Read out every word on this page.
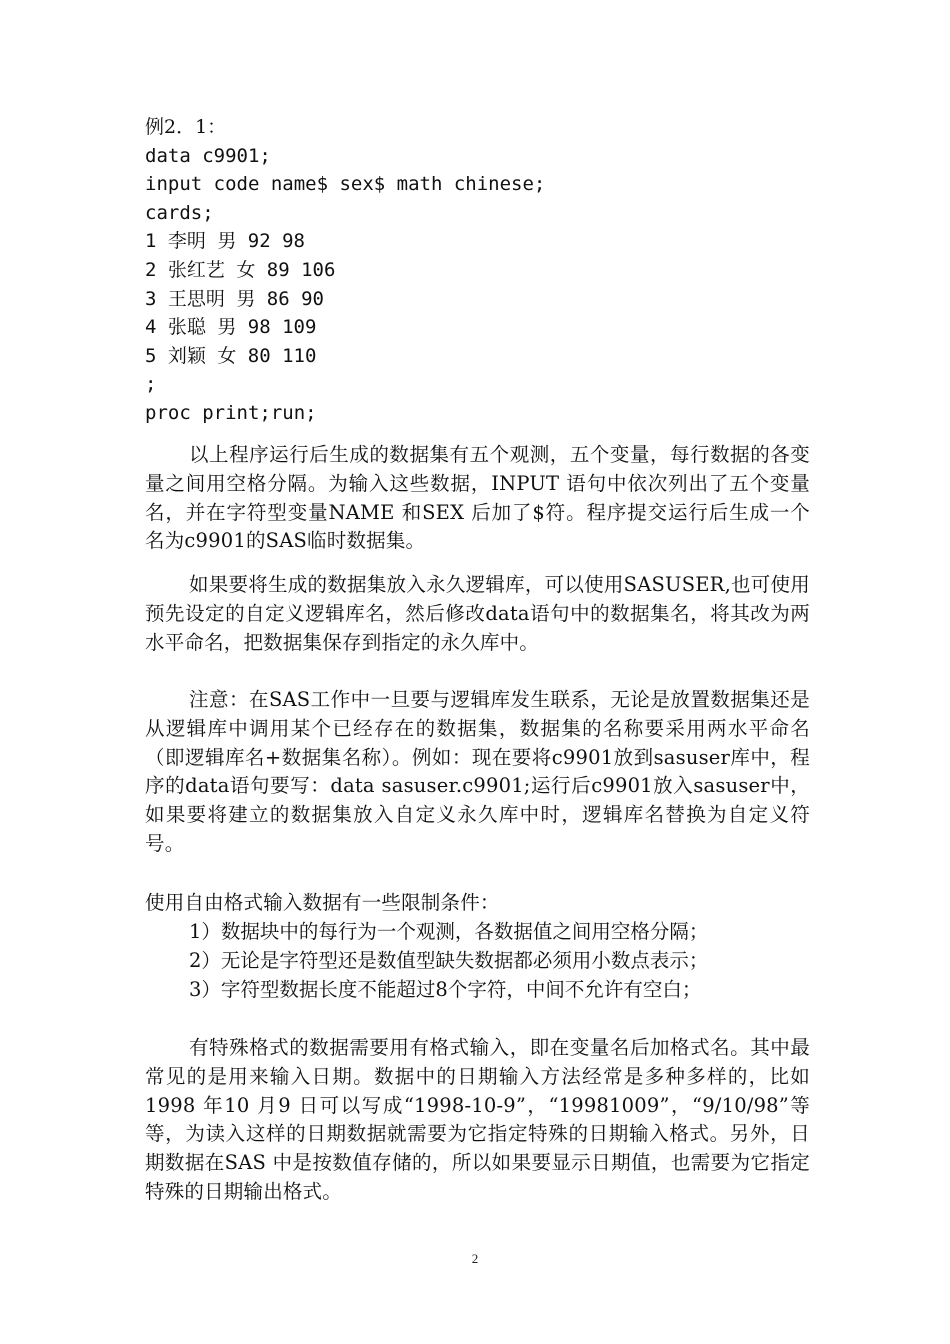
例2．1：
data c9901;
input code name$ sex$ math chinese;
cards;
1 李明 男 92 98
2 张红艺 女 89 106
3 王思明 男 86 90
4 张聪 男 98 109
5 刘颖 女 80 110
;
proc print;run;

以上程序运行后生成的数据集有五个观测，五个变量，每行数据的各变量之间用空格分隔。为输入这些数据，INPUT 语句中依次列出了五个变量名，并在字符型变量NAME 和SEX 后加了$符。程序提交运行后生成一个名为c9901的SAS临时数据集。

如果要将生成的数据集放入永久逻辑库，可以使用SASUSER,也可使用预先设定的自定义逻辑库名，然后修改data语句中的数据集名，将其改为两水平命名，把数据集保存到指定的永久库中。

注意：在SAS工作中一旦要与逻辑库发生联系，无论是放置数据集还是从逻辑库中调用某个已经存在的数据集，数据集的名称要采用两水平命名（即逻辑库名+数据集名称）。例如：现在要将c9901放到sasuser库中，程序的data语句要写：data sasuser.c9901;运行后c9901放入sasuser中，如果要将建立的数据集放入自定义永久库中时，逻辑库名替换为自定义符号。

使用自由格式输入数据有一些限制条件：

1）数据块中的每行为一个观测，各数据值之间用空格分隔；
2）无论是字符型还是数值型缺失数据都必须用小数点表示；
3）字符型数据长度不能超过8个字符，中间不允许有空白；

有特殊格式的数据需要用有格式输入，即在变量名后加格式名。其中最常见的是用来输入日期。数据中的日期输入方法经常是多种多样的，比如1998 年10 月9 日可以写成“1998-10-9”，“19981009”，“9/10/98”等等，为读入这样的日期数据就需要为它指定特殊的日期输入格式。另外，日期数据在SAS 中是按数值存储的，所以如果要显示日期值，也需要为它指定特殊的日期输出格式。

2
